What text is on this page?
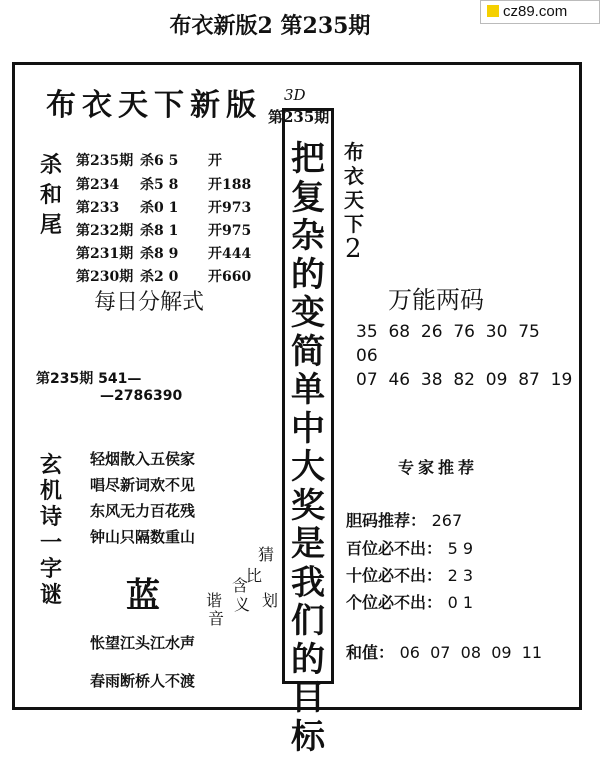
布衣新版2 第235期
cz89.com
布衣天下新版 3D
第235期
把
复
杂
的
变
简
单
中
大
奖
是
我
们
的
目
标
杀
和
尾
第235期 杀6 5 开
第234 杀5 8 开188
第233 杀0 1 开973
第232期 杀8 1 开975
第231期 杀8 9 开444
第230期 杀2 0 开660
每日分解式
第235期 541—
—2786390
玄
机
诗
一
字
谜
轻烟散入五侯家
唱尽新词欢不见
东风无力百花残
钟山只隔数重山
蓝
猜
比
含
划
谐 义
音
怅望江头江水声
春雨断桥人不渡
布
衣
天
下
2
万能两码
35  68  26  76  30  75
06
07  46  38  82  09  87  19
专家推荐
胆码推荐： 267
百位必不出： 5 9
十位必不出： 2 3
个位必不出： 0 1
和值： 06  07  08  09  11
